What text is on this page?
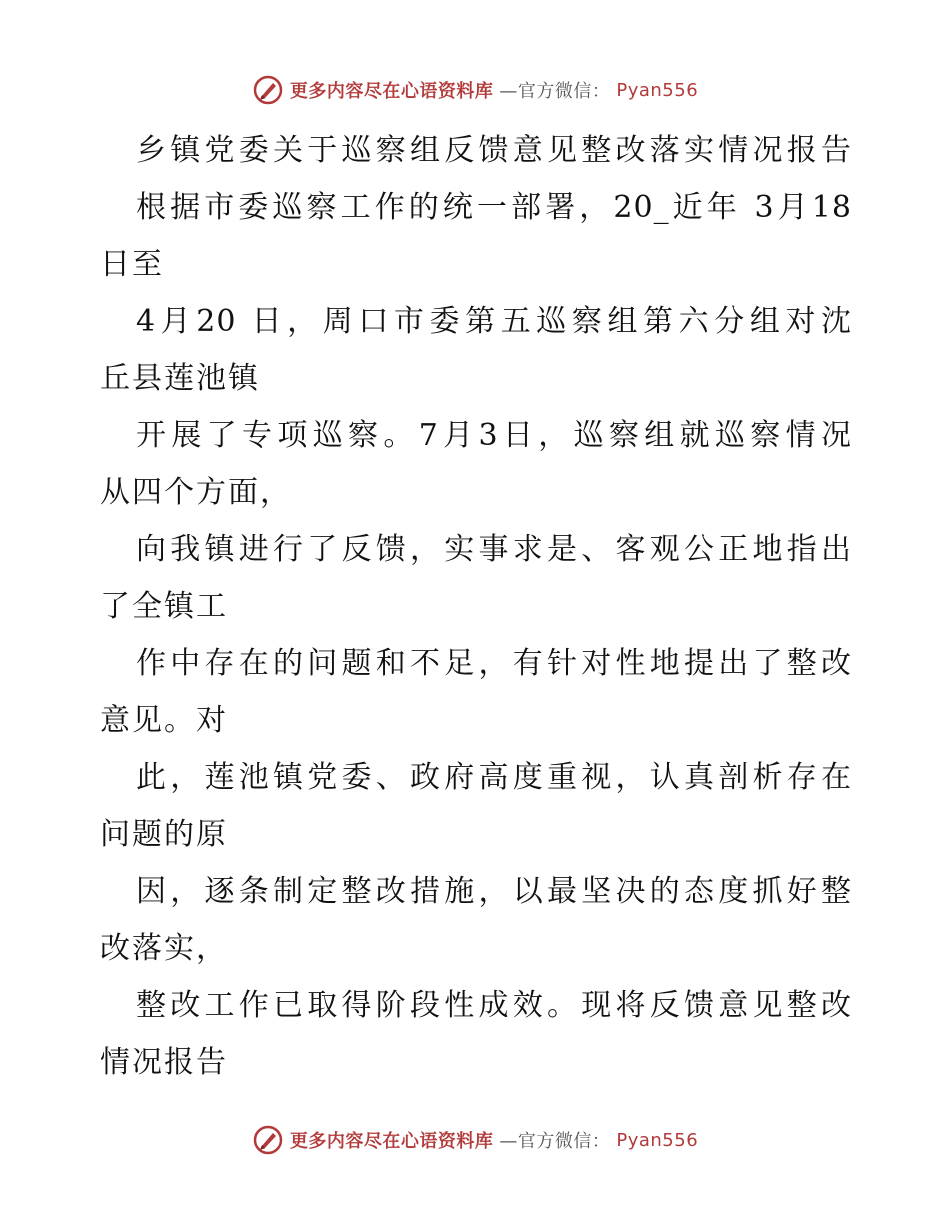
更多内容尽在心语资料库 —官方微信： Pyan556
乡镇党委关于巡察组反馈意见整改落实情况报告
根据市委巡察工作的统一部署，20_近年 3月18
日至
4月20 日，周口市委第五巡察组第六分组对沈
丘县莲池镇
开展了专项巡察。7月3日，巡察组就巡察情况
从四个方面，
向我镇进行了反馈，实事求是、客观公正地指出
了全镇工
作中存在的问题和不足，有针对性地提出了整改
意见。对
此，莲池镇党委、政府高度重视，认真剖析存在
问题的原
因，逐条制定整改措施，以最坚决的态度抓好整
改落实，
整改工作已取得阶段性成效。现将反馈意见整改
情况报告
更多内容尽在心语资料库 —官方微信： Pyan556
